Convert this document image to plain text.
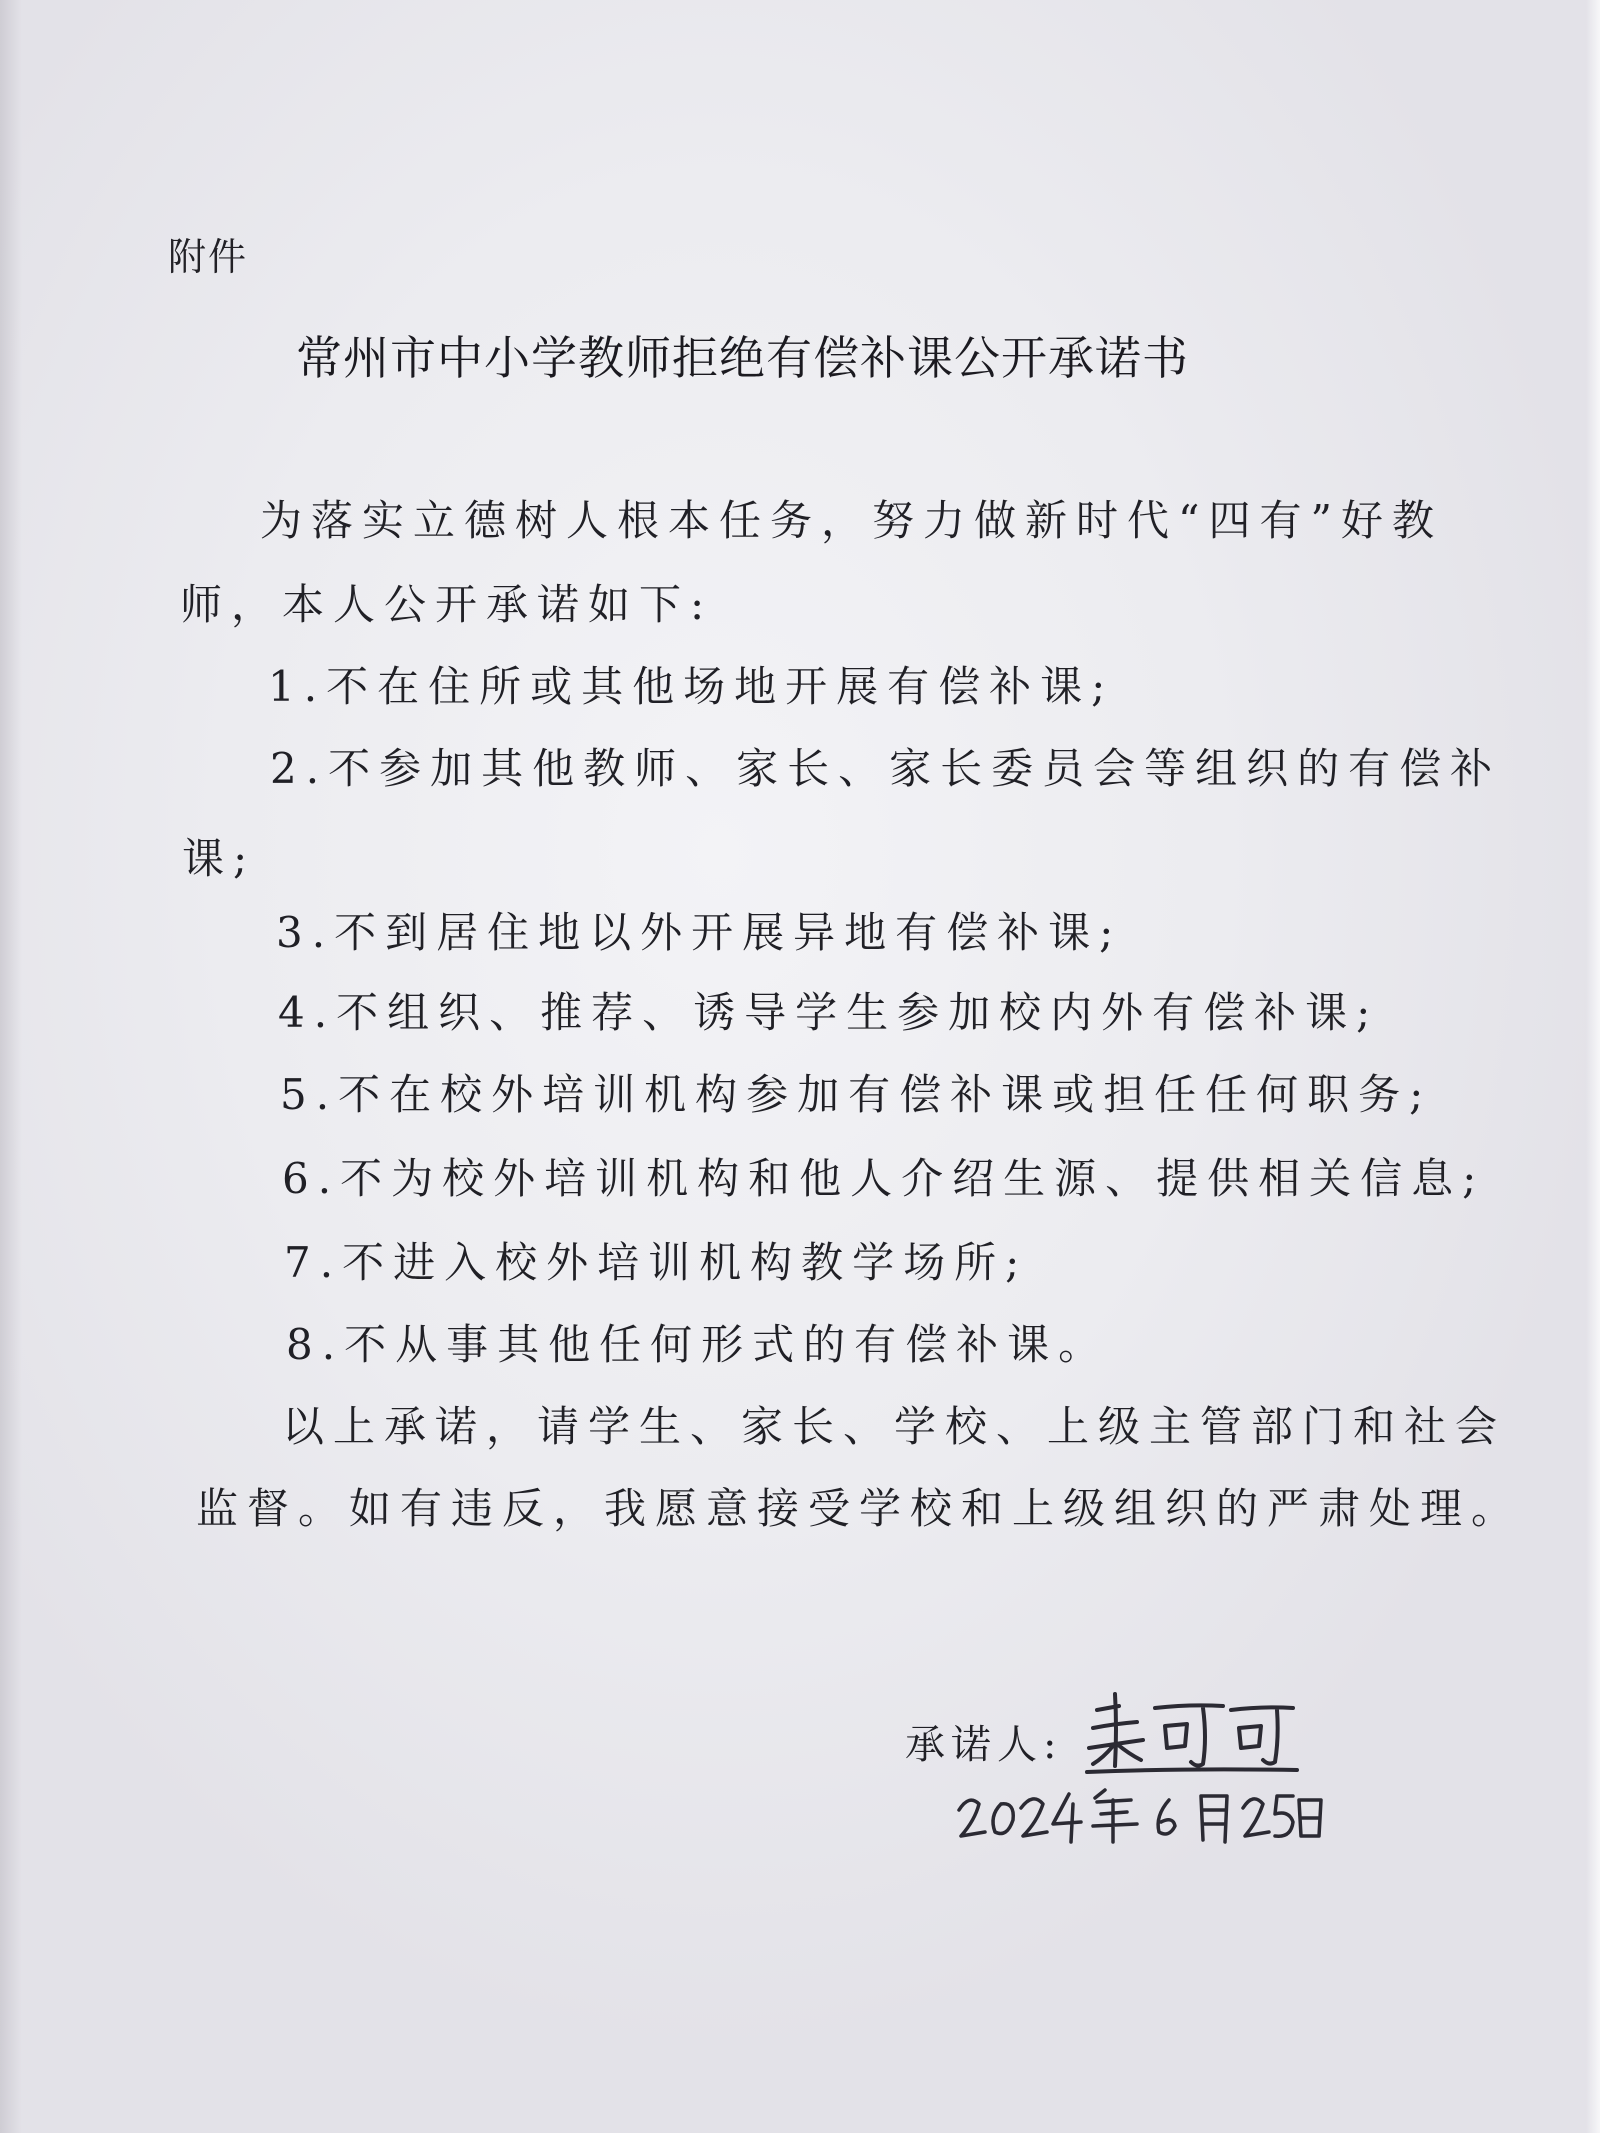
附件
常州市中小学教师拒绝有偿补课公开承诺书
为落实立德树人根本任务，努力做新时代“四有”好教
师，本人公开承诺如下:
1.不在住所或其他场地开展有偿补课;
2.不参加其他教师、家长、家长委员会等组织的有偿补
课;
3.不到居住地以外开展异地有偿补课;
4.不组织、推荐、诱导学生参加校内外有偿补课;
5.不在校外培训机构参加有偿补课或担任任何职务;
6.不为校外培训机构和他人介绍生源、提供相关信息;
7.不进入校外培训机构教学场所;
8.不从事其他任何形式的有偿补课。
以上承诺，请学生、家长、学校、上级主管部门和社会
监督。如有违反，我愿意接受学校和上级组织的严肃处理。
承诺人:
